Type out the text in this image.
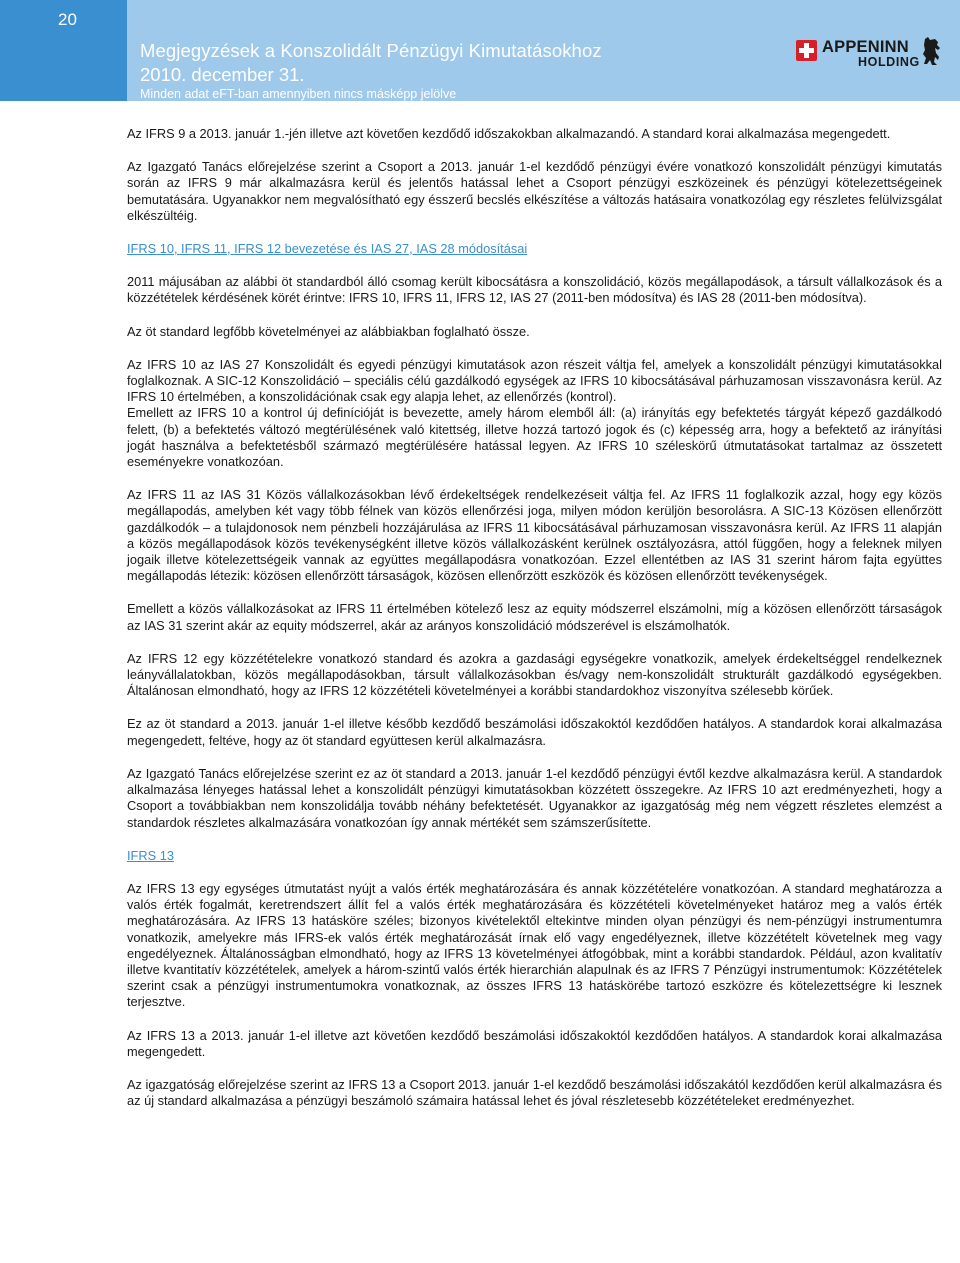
20
Megjegyzések a Konszolidált Pénzügyi Kimutatásokhoz
2010. december 31.
Minden adat eFT-ban amennyiben nincs másképp jelölve
APPENINN
HOLDING

Az IFRS 9 a 2013. január 1.-jén illetve azt követően kezdődő időszakokban alkalmazandó. A standard korai alkalmazása megengedett.

Az Igazgató Tanács előrejelzése szerint a Csoport a 2013. január 1-el kezdődő pénzügyi évére vonatkozó konszolidált pénzügyi kimutatás során az IFRS 9 már alkalmazásra kerül és jelentős hatással lehet a Csoport pénzügyi eszközeinek és pénzügyi kötelezettségeinek bemutatására. Ugyanakkor nem megvalósítható egy ésszerű becslés elkészítése a változás hatásaira vonatkozólag egy részletes felülvizsgálat elkészültéig.

IFRS 10, IFRS 11, IFRS 12 bevezetése és IAS 27, IAS 28 módosításai

2011 májusában az alábbi öt standardból álló csomag került kibocsátásra a konszolidáció, közös megállapodások, a társult vállalkozások és a közzétételek kérdésének körét érintve: IFRS 10, IFRS 11, IFRS 12, IAS 27 (2011-ben módosítva) és IAS 28 (2011-ben módosítva).

Az öt standard legfőbb követelményei az alábbiakban foglalható össze.

Az IFRS 10 az IAS 27 Konszolidált és egyedi pénzügyi kimutatások azon részeit váltja fel, amelyek a konszolidált pénzügyi kimutatásokkal foglalkoznak. A SIC-12 Konszolidáció – speciális célú gazdálkodó egységek az IFRS 10 kibocsátásával párhuzamosan visszavonásra kerül. Az IFRS 10 értelmében, a konszolidációnak csak egy alapja lehet, az ellenőrzés (kontrol).

Emellett az IFRS 10 a kontrol új definícióját is bevezette, amely három elemből áll: (a) irányítás egy befektetés tárgyát képező gazdálkodó felett, (b) a befektetés változó megtérülésének való kitettség, illetve hozzá tartozó jogok és (c) képesség arra, hogy a befektető az irányítási jogát használva a befektetésből származó megtérülésére hatással legyen. Az IFRS 10 széleskörű útmutatásokat tartalmaz az összetett eseményekre vonatkozóan.

Az IFRS 11 az IAS 31 Közös vállalkozásokban lévő érdekeltségek rendelkezéseit váltja fel. Az IFRS 11 foglalkozik azzal, hogy egy közös megállapodás, amelyben két vagy több félnek van közös ellenőrzési joga, milyen módon kerüljön besorolásra. A SIC-13 Közösen ellenőrzött gazdálkodók – a tulajdonosok nem pénzbeli hozzájárulása az IFRS 11 kibocsátásával párhuzamosan visszavonásra kerül. Az IFRS 11 alapján a közös megállapodások közös tevékenységként illetve közös vállalkozásként kerülnek osztályozásra, attól függően, hogy a feleknek milyen jogaik illetve kötelezettségeik vannak az együttes megállapodásra vonatkozóan. Ezzel ellentétben az IAS 31 szerint három fajta együttes megállapodás létezik: közösen ellenőrzött társaságok, közösen ellenőrzött eszközök és közösen ellenőrzött tevékenységek.

Emellett a közös vállalkozásokat az IFRS 11 értelmében kötelező lesz az equity módszerrel elszámolni, míg a közösen ellenőrzött társaságok az IAS 31 szerint akár az equity módszerrel, akár az arányos konszolidáció módszerével is elszámolhatók.

Az IFRS 12 egy közzétételekre vonatkozó standard és azokra a gazdasági egységekre vonatkozik, amelyek érdekeltséggel rendelkeznek leányvállalatokban, közös megállapodásokban, társult vállalkozásokban és/vagy nem-konszolidált strukturált gazdálkodó egységekben. Általánosan elmondható, hogy az IFRS 12 közzétételi követelményei a korábbi standardokhoz viszonyítva szélesebb körűek.

Ez az öt standard a 2013. január 1-el illetve később kezdődő beszámolási időszakoktól kezdődően hatályos. A standardok korai alkalmazása megengedett, feltéve, hogy az öt standard együttesen kerül alkalmazásra.

Az Igazgató Tanács előrejelzése szerint ez az öt standard a 2013. január 1-el kezdődő pénzügyi évtől kezdve alkalmazásra kerül. A standardok alkalmazása lényeges hatással lehet a konszolidált pénzügyi kimutatásokban közzétett összegekre. Az IFRS 10 azt eredményezheti, hogy a Csoport a továbbiakban nem konszolidálja tovább néhány befektetését. Ugyanakkor az igazgatóság még nem végzett részletes elemzést a standardok részletes alkalmazására vonatkozóan így annak mértékét sem számszerűsítette.

IFRS 13

Az IFRS 13 egy egységes útmutatást nyújt a valós érték meghatározására és annak közzétételére vonatkozóan. A standard meghatározza a valós érték fogalmát, keretrendszert állít fel a valós érték meghatározására és közzétételi követelményeket határoz meg a valós érték meghatározására. Az IFRS 13 hatásköre széles; bizonyos kivételektől eltekintve minden olyan pénzügyi és nem-pénzügyi instrumentumra vonatkozik, amelyekre más IFRS-ek valós érték meghatározását írnak elő vagy engedélyeznek, illetve közzétételt követelnek meg vagy engedélyeznek. Általánosságban elmondható, hogy az IFRS 13 követelményei átfogóbbak, mint a korábbi standardok. Például, azon kvalitatív illetve kvantitatív közzétételek, amelyek a három-szintű valós érték hierarchián alapulnak és az IFRS 7 Pénzügyi instrumentumok: Közzétételek szerint csak a pénzügyi instrumentumokra vonatkoznak, az összes IFRS 13 hatáskörébe tartozó eszközre és kötelezettségre ki lesznek terjesztve.

Az IFRS 13 a 2013. január 1-el illetve azt követően kezdődő beszámolási időszakoktól kezdődően hatályos. A standardok korai alkalmazása megengedett.

Az igazgatóság előrejelzése szerint az IFRS 13 a Csoport 2013. január 1-el kezdődő beszámolási időszakától kezdődően kerül alkalmazásra és az új standard alkalmazása a pénzügyi beszámoló számaira hatással lehet és jóval részletesebb közzétételeket eredményezhet.
